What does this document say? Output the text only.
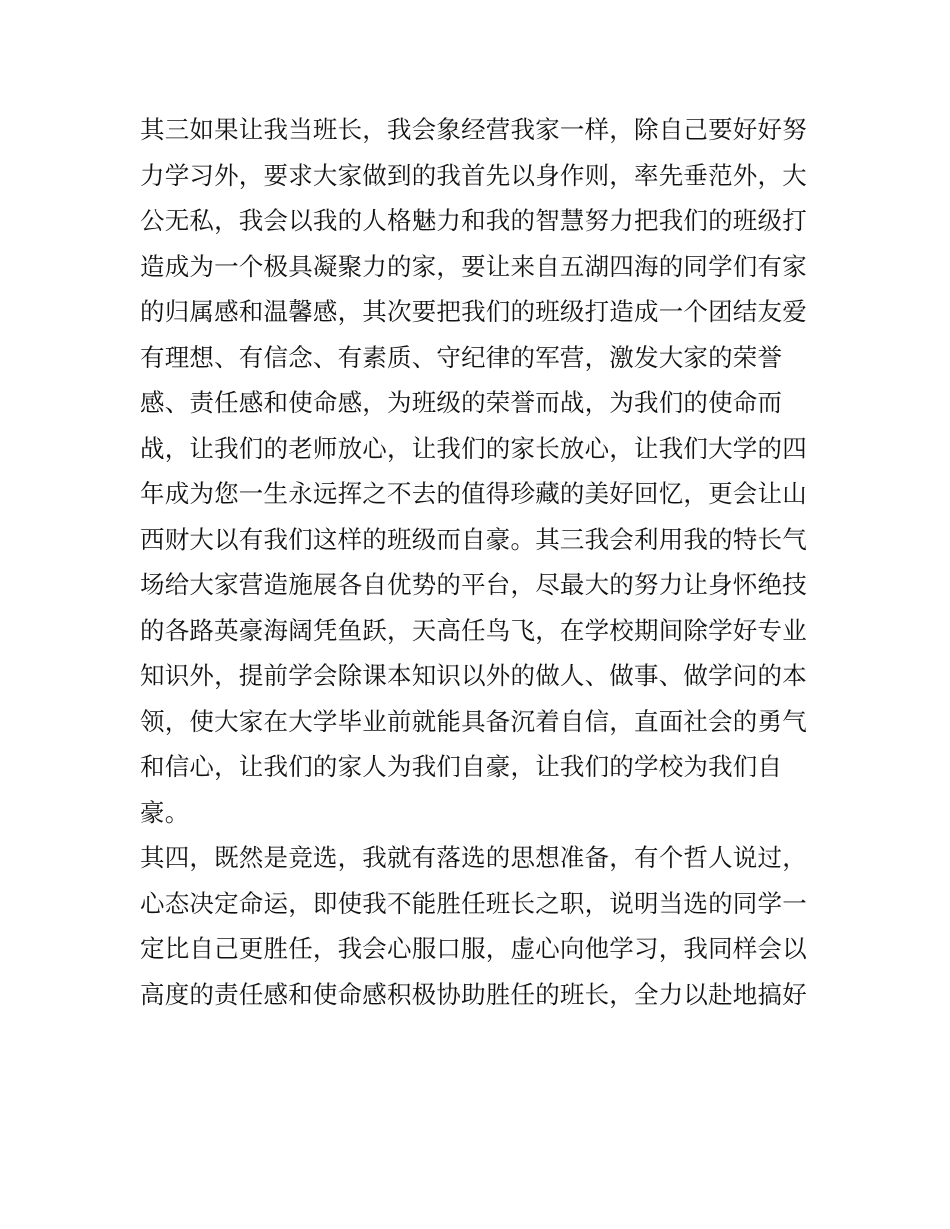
其三如果让我当班长，我会象经营我家一样，除自己要好好努
力学习外，要求大家做到的我首先以身作则，率先垂范外，大
公无私，我会以我的人格魅力和我的智慧努力把我们的班级打
造成为一个极具凝聚力的家，要让来自五湖四海的同学们有家
的归属感和温馨感，其次要把我们的班级打造成一个团结友爱
有理想、有信念、有素质、守纪律的军营，激发大家的荣誉
感、责任感和使命感，为班级的荣誉而战，为我们的使命而
战，让我们的老师放心，让我们的家长放心，让我们大学的四
年成为您一生永远挥之不去的值得珍藏的美好回忆，更会让山
西财大以有我们这样的班级而自豪。其三我会利用我的特长气
场给大家营造施展各自优势的平台，尽最大的努力让身怀绝技
的各路英豪海阔凭鱼跃，天高任鸟飞，在学校期间除学好专业
知识外，提前学会除课本知识以外的做人、做事、做学问的本
领，使大家在大学毕业前就能具备沉着自信，直面社会的勇气
和信心，让我们的家人为我们自豪，让我们的学校为我们自
豪。
其四，既然是竞选，我就有落选的思想准备，有个哲人说过，
心态决定命运，即使我不能胜任班长之职，说明当选的同学一
定比自己更胜任，我会心服口服，虚心向他学习，我同样会以
高度的责任感和使命感积极协助胜任的班长，全力以赴地搞好
